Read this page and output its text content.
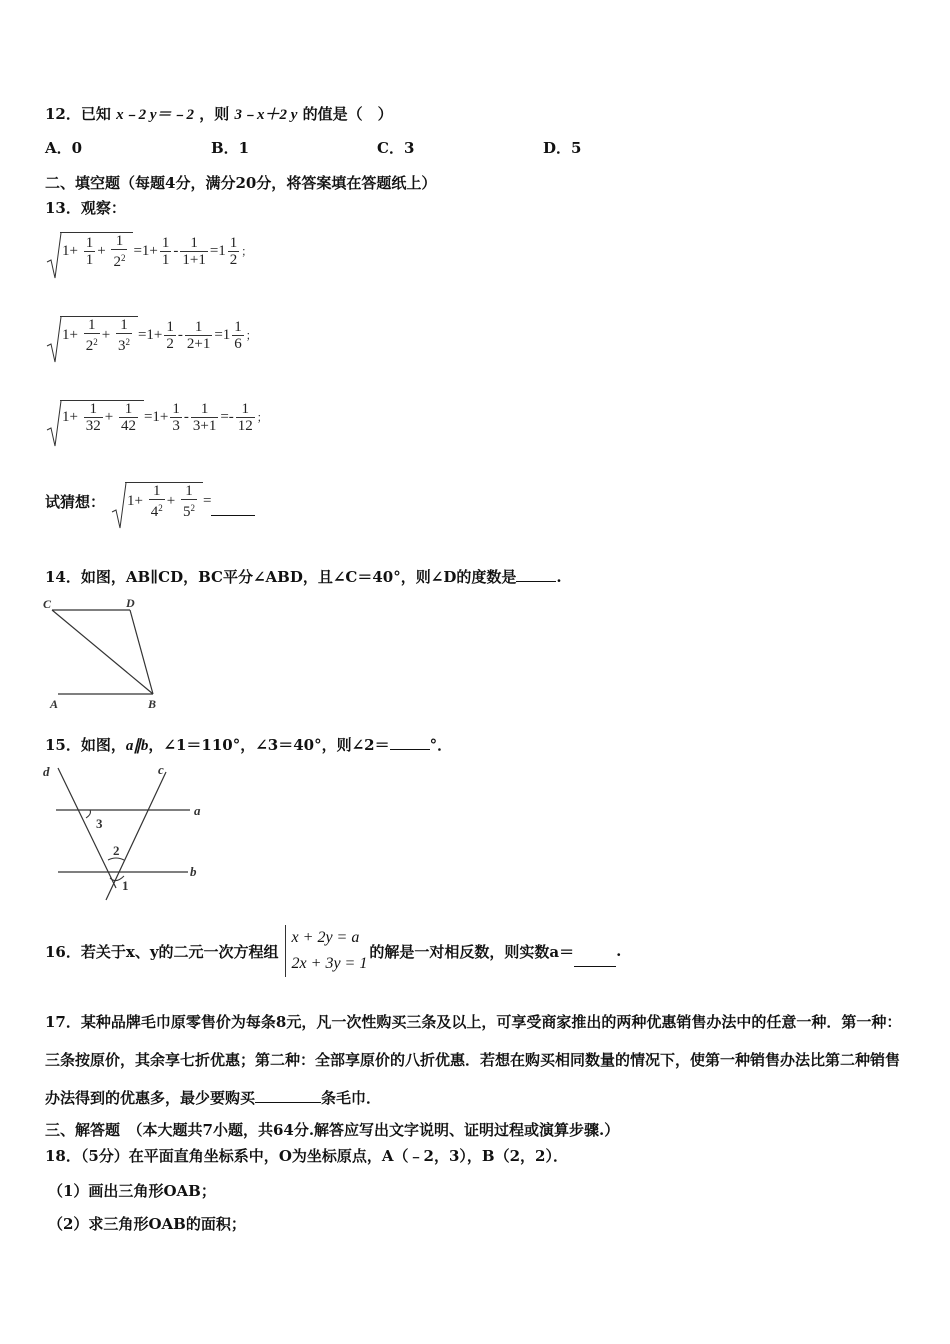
12．已知 x﹣2 y＝﹣2 ，则 3﹣x＋2 y 的值是（　）
A．0	B．1	C．3	D．5
二、填空题（每题4分，满分20分，将答案填在答题纸上）
13．观察：
$1+ \frac{1}{1} + \frac{1}{2^2} =1+ \frac{1}{1} - \frac{1}{1+1} =1 \frac{1}{2}$ ；
$1+ \frac{1}{2^2} + \frac{1}{3^2} =1+ \frac{1}{2} - \frac{1}{2+1} =1 \frac{1}{6}$ ；
$1+ \frac{1}{32} + \frac{1}{42} =1+ \frac{1}{3} - \frac{1}{3+1} =- \frac{1}{12}$ ；
试猜想：	$1+ \frac{1}{4^2} + \frac{1}{5^2}$ =
14．如图，AB∥CD，BC平分∠ABD，且∠C＝40°，则∠D的度数是	.
C	D
A	B
15．如图，a∥b，∠1＝110°，∠3＝40°，则∠2＝	°．
d	c
a
b
3
2
1
16．若关于x、y的二元一次方程组
x + 2y = a
2x + 3y = 1
的解是一对相反数，则实数a＝	.
17．某种品牌毛巾原零售价为每条8元，凡一次性购买三条及以上，可享受商家推出的两种优惠销售办法中的任意一种．第一种：三条按原价，其余享七折优惠；第二种：全部享原价的八折优惠．若想在购买相同数量的情况下，使第一种销售办法比第二种销售办法得到的优惠多，最少要购买	条毛巾．
三、解答题　（本大题共7小题，共64分.解答应写出文字说明、证明过程或演算步骤.）
18．（5分）在平面直角坐标系中，O为坐标原点，A（﹣2，3），B（2，2）．
（1）画出三角形OAB；
（2）求三角形OAB的面积；
